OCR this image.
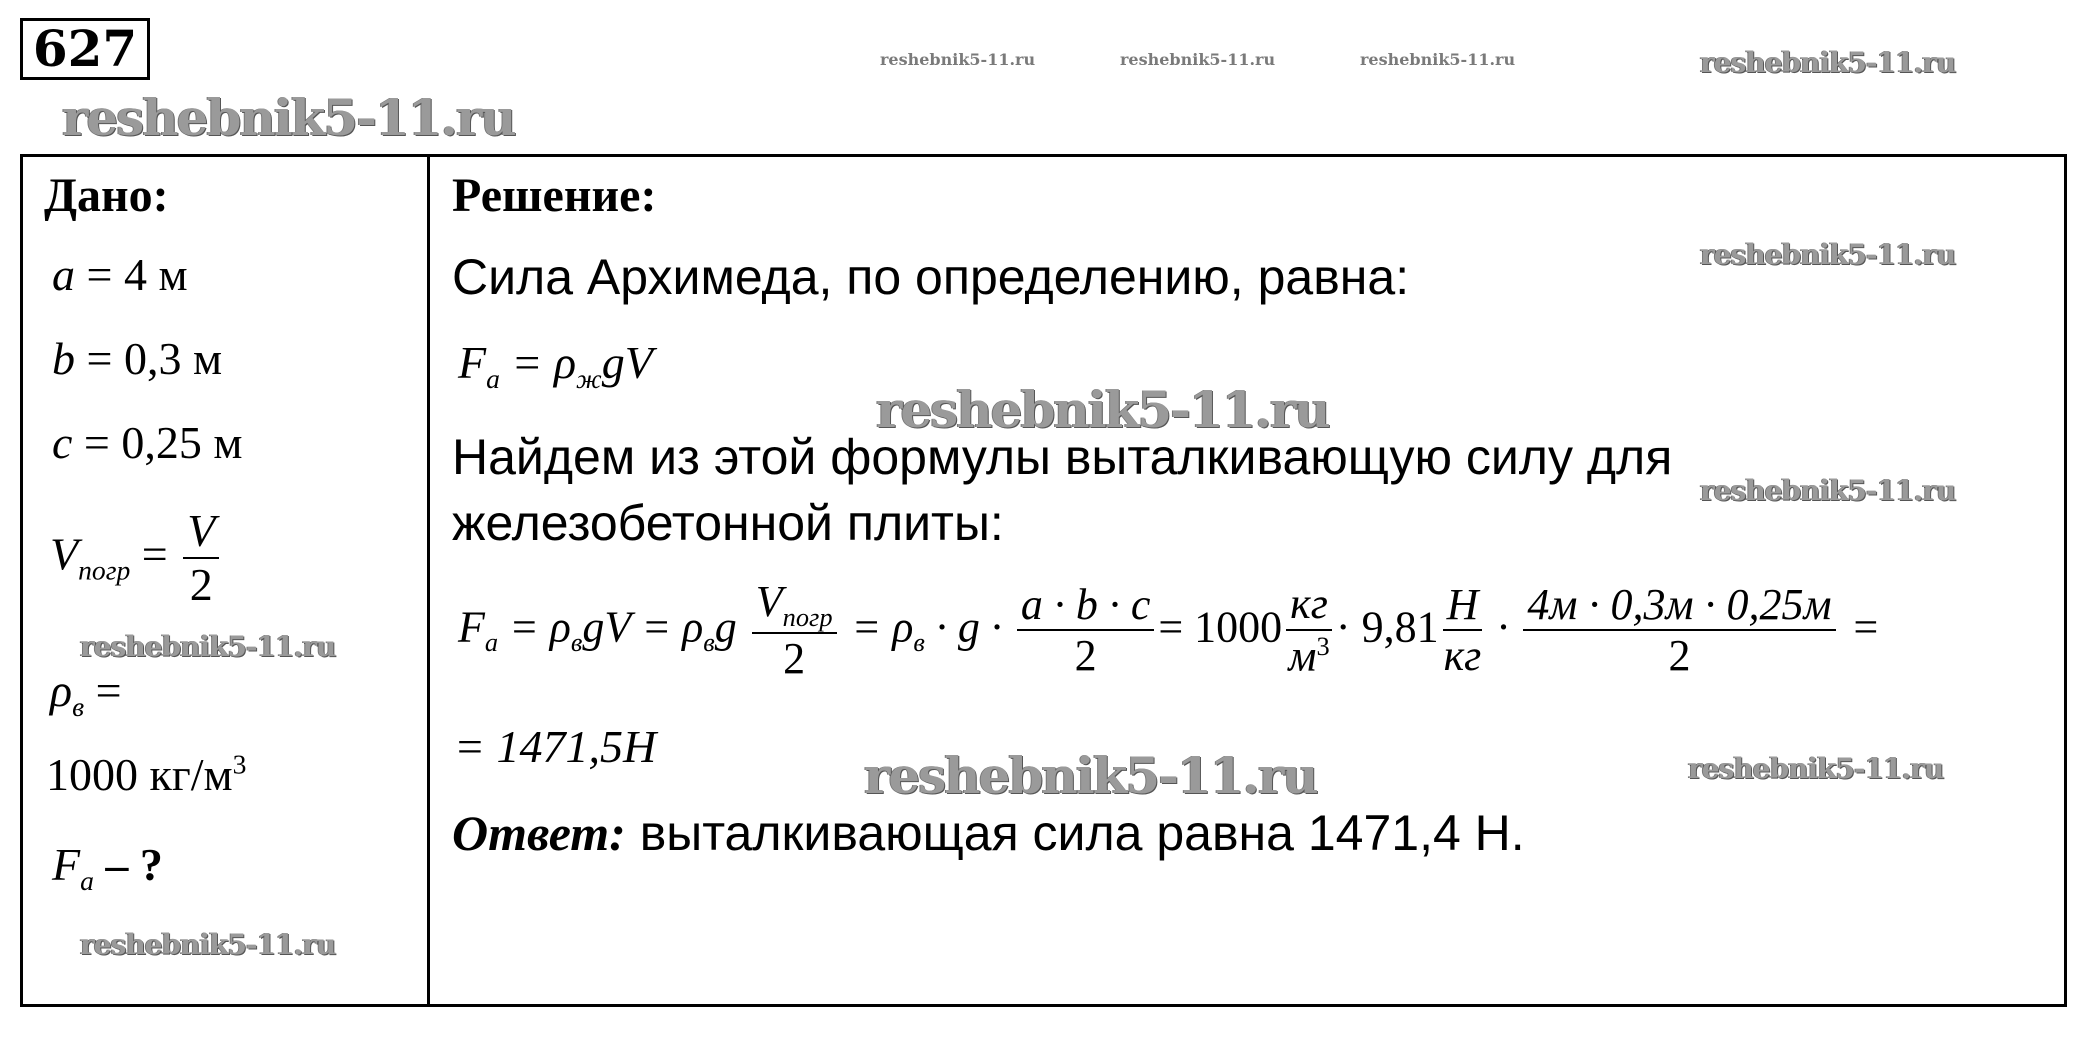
627
reshebnik5-11.ru
reshebnik5-11.ru	reshebnik5-11.ru	reshebnik5-11.ru	reshebnik5-11.ru
Дано:
a = 4 м
b = 0,3 м
c = 0,25 м
$V_{погр} = \frac{V}{2}$
reshebnik5-11.ru
$\rho_в$ =
1000 $кг/м^3$
$F_a$ – ?
reshebnik5-11.ru
Решение:
reshebnik5-11.ru
Сила Архимеда, по определению, равна:
$F_a = \rho_жgV$
reshebnik5-11.ru
Найдем из этой формулы выталкивающую силу для
reshebnik5-11.ru
железобетонной плиты:
$F_a = \rho_вgV = \rho_вg \frac{V_{погр}}{2} = \rho_в \cdot g \cdot \frac{a \cdot b \cdot c}{2} = 1000 \frac{кг}{м^3} \cdot 9,81 \frac{Н}{кг} \cdot \frac{4м \cdot 0,3м \cdot 0,25м}{2}$ =
= 1471,5Н	reshebnik5-11.ru	reshebnik5-11.ru
Ответ: выталкивающая сила равна 1471,4 Н.
